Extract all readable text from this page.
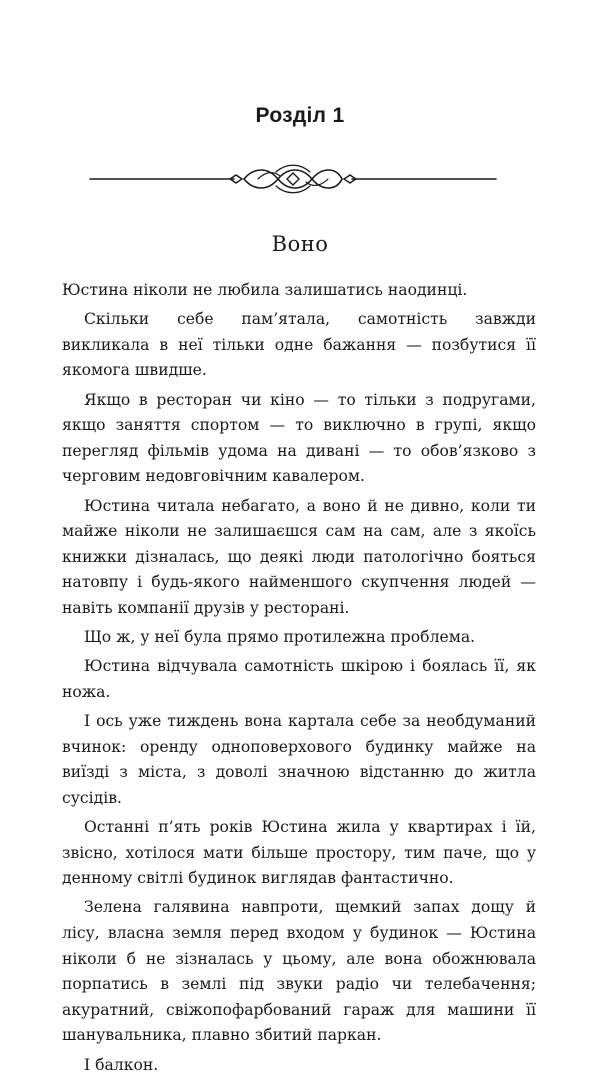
Розділ 1
Воно

Юстина ніколи не любила залишатись наодинці.

Скільки себе пам’ятала, самотність завжди викликала в неї тільки одне бажання — позбутися її якомога швидше.

Якщо в ресторан чи кіно — то тільки з подругами, якщо заняття спортом — то виключно в групі, якщо перегляд фільмів удома на дивані — то обов’язково з черговим недовговічним кавалером.

Юстина читала небагато, а воно й не дивно, коли ти майже ніколи не залишаєшся сам на сам, але з якоїсь книжки дізналась, що деякі люди патологічно бояться натовпу і будь-якого найменшого скупчення людей — навіть компанії друзів у ресторані.

Що ж, у неї була прямо протилежна проблема.

Юстина відчувала самотність шкірою і боялась її, як ножа.

І ось уже тиждень вона картала себе за необдуманий вчинок: оренду одноповерхового будинку майже на виїзді з міста, з доволі значною відстанню до житла сусідів.

Останні п’ять років Юстина жила у квартирах і їй, звісно, хотілося мати більше простору, тим паче, що у денному світлі будинок виглядав фантастично.

Зелена галявина навпроти, щемкий запах дощу й лісу, власна земля перед входом у будинок — Юстина ніколи б не зізналась у цьому, але вона обожнювала порпатись в землі під звуки радіо чи телебачення; акуратний, свіжопофарбований гараж для машини її шанувальника, плавно збитий паркан.

І балкон.
